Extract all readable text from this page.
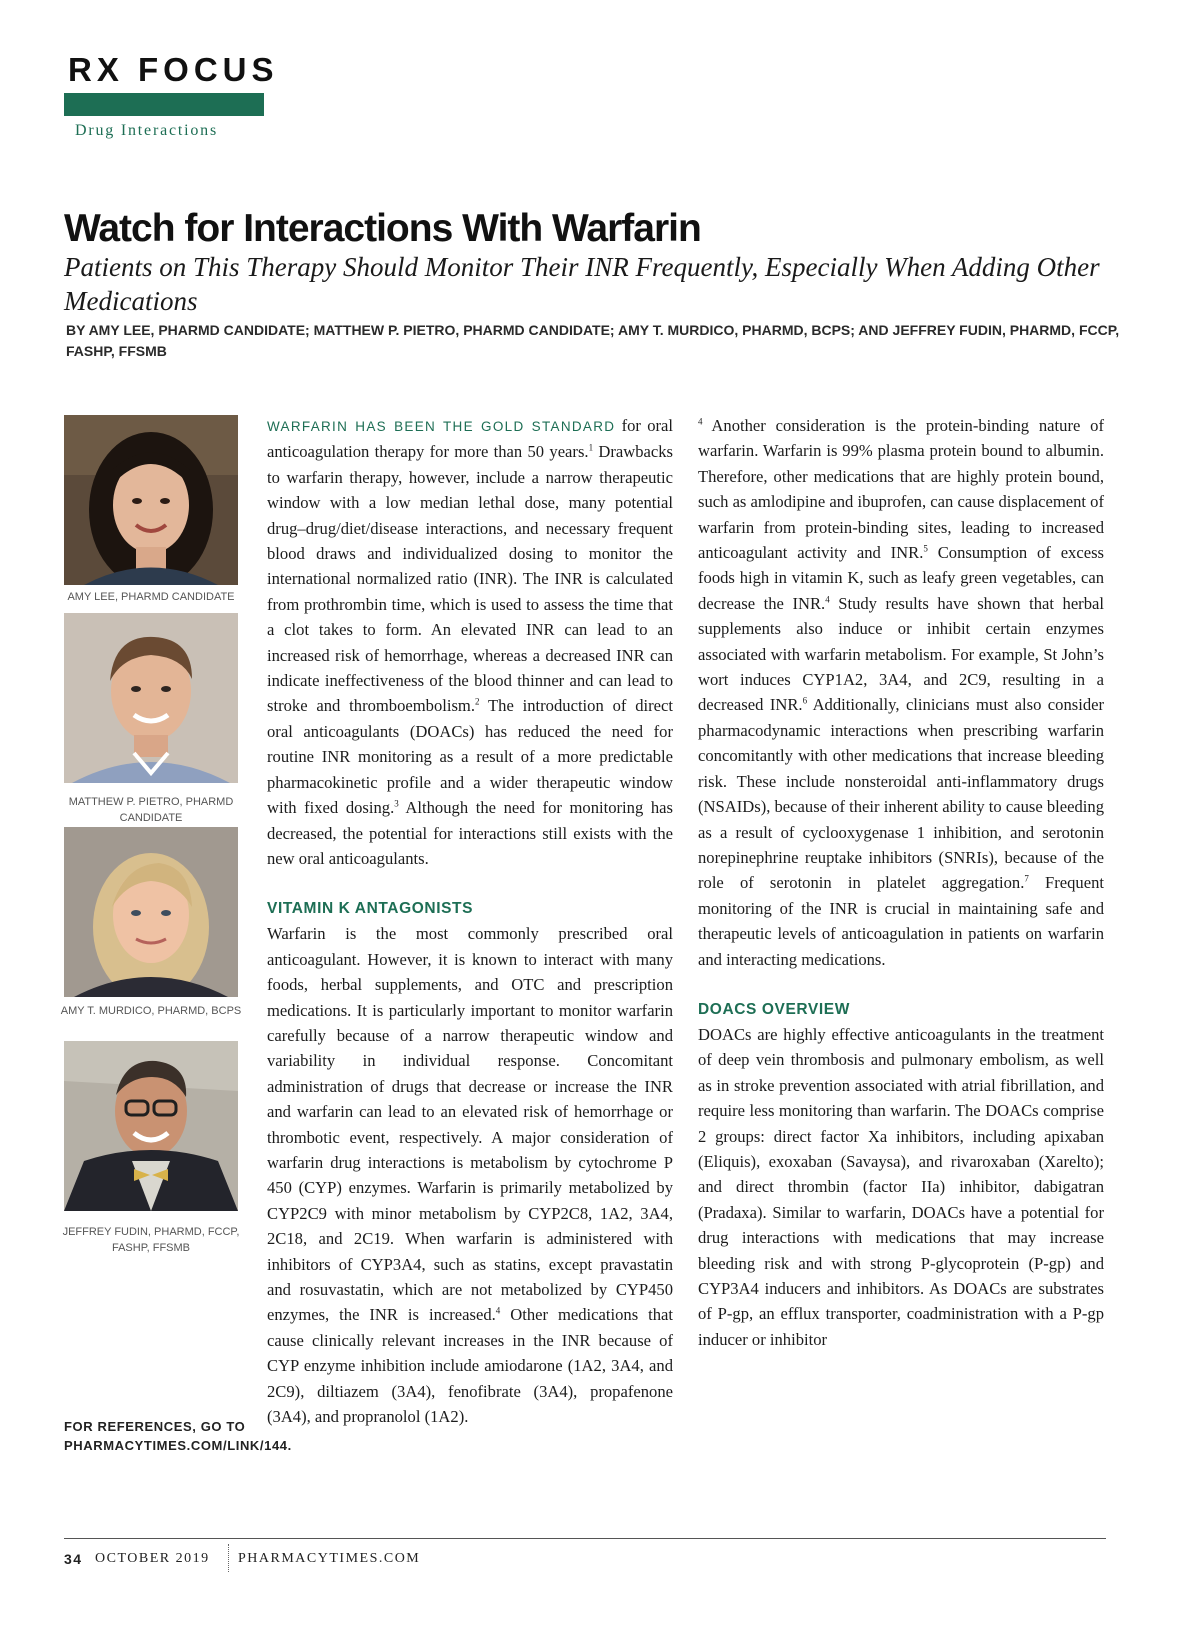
RX FOCUS
Drug Interactions
Watch for Interactions With Warfarin
Patients on This Therapy Should Monitor Their INR Frequently, Especially When Adding Other Medications
BY AMY LEE, PHARMD CANDIDATE; MATTHEW P. PIETRO, PHARMD CANDIDATE; AMY T. MURDICO, PHARMD, BCPS; AND JEFFREY FUDIN, PHARMD, FCCP, FASHP, FFSMB
AMY LEE, PHARMD CANDIDATE
MATTHEW P. PIETRO, PHARMD CANDIDATE
AMY T. MURDICO, PHARMD, BCPS
JEFFREY FUDIN, PHARMD, FCCP, FASHP, FFSMB
FOR REFERENCES, GO TO PHARMACYTIMES.COM/LINK/144.

WARFARIN HAS BEEN THE GOLD STANDARD for oral anticoagulation therapy for more than 50 years.$^1$ Drawbacks to warfarin therapy, however, include a narrow therapeutic window with a low median lethal dose, many potential drug–drug/diet/disease interactions, and necessary frequent blood draws and individualized dosing to monitor the international normalized ratio (INR). The INR is calculated from prothrombin time, which is used to assess the time that a clot takes to form. An elevated INR can lead to an increased risk of hemorrhage, whereas a decreased INR can indicate ineffectiveness of the blood thinner and can lead to stroke and thromboembolism.$^2$ The introduction of direct oral anticoagulants (DOACs) has reduced the need for routine INR monitoring as a result of a more predictable pharmacokinetic profile and a wider therapeutic window with fixed dosing.$^3$ Although the need for monitoring has decreased, the potential for interactions still exists with the new oral anticoagulants.

VITAMIN K ANTAGONISTS

Warfarin is the most commonly prescribed oral anticoagulant. However, it is known to interact with many foods, herbal supplements, and OTC and prescription medications. It is particularly important to monitor warfarin carefully because of a narrow therapeutic window and variability in individual response. Concomitant administration of drugs that decrease or increase the INR and warfarin can lead to an elevated risk of hemorrhage or thrombotic event, respectively. A major consideration of warfarin drug interactions is metabolism by cytochrome P 450 (CYP) enzymes. Warfarin is primarily metabolized by CYP2C9 with minor metabolism by CYP2C8, 1A2, 3A4, 2C18, and 2C19. When warfarin is administered with inhibitors of CYP3A4, such as statins, except pravastatin and rosuvastatin, which are not metabolized by CYP450 enzymes, the INR is increased.$^4$ Other medications that cause clinically relevant increases in the INR because of CYP enzyme inhibition include amiodarone (1A2, 3A4, and 2C9), diltiazem (3A4), fenofibrate (3A4), propafenone (3A4), and propranolol (1A2).

$^4$ Another consideration is the protein-binding nature of warfarin. Warfarin is 99% plasma protein bound to albumin. Therefore, other medications that are highly protein bound, such as amlodipine and ibuprofen, can cause displacement of warfarin from protein-binding sites, leading to increased anticoagulant activity and INR.$^5$ Consumption of excess foods high in vitamin K, such as leafy green vegetables, can decrease the INR.$^4$ Study results have shown that herbal supplements also induce or inhibit certain enzymes associated with warfarin metabolism. For example, St John’s wort induces CYP1A2, 3A4, and 2C9, resulting in a decreased INR.$^6$ Additionally, clinicians must also consider pharmacodynamic interactions when prescribing warfarin concomitantly with other medications that increase bleeding risk. These include nonsteroidal anti-inflammatory drugs (NSAIDs), because of their inherent ability to cause bleeding as a result of cyclooxygenase 1 inhibition, and serotonin norepinephrine reuptake inhibitors (SNRIs), because of the role of serotonin in platelet aggregation.$^7$ Frequent monitoring of the INR is crucial in maintaining safe and therapeutic levels of anticoagulation in patients on warfarin and interacting medications.

DOACS OVERVIEW

DOACs are highly effective anticoagulants in the treatment of deep vein thrombosis and pulmonary embolism, as well as in stroke prevention associated with atrial fibrillation, and require less monitoring than warfarin. The DOACs comprise 2 groups: direct factor Xa inhibitors, including apixaban (Eliquis), exoxaban (Savaysa), and rivaroxaban (Xarelto); and direct thrombin (factor IIa) inhibitor, dabigatran (Pradaxa). Similar to warfarin, DOACs have a potential for drug interactions with medications that may increase bleeding risk and with strong P-glycoprotein (P-gp) and CYP3A4 inducers and inhibitors. As DOACs are substrates of P-gp, an efflux transporter, coadministration with a P-gp inducer or inhibitor

34 OCTOBER 2019 PHARMACYTIMES.COM
